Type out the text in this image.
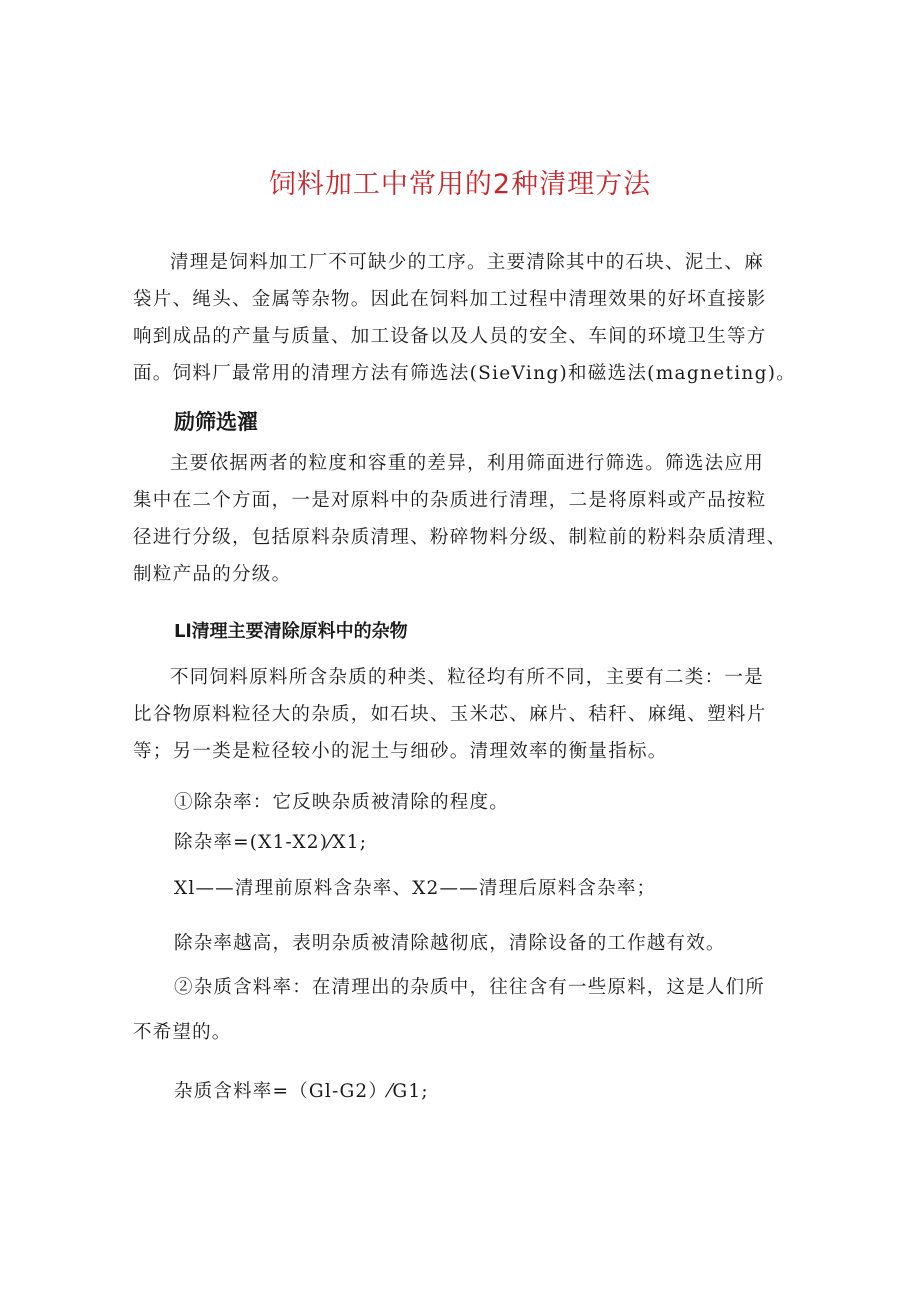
饲料加工中常用的2种清理方法
清理是饲料加工厂不可缺少的工序。主要清除其中的石块、泥土、麻
袋片、绳头、金属等杂物。因此在饲料加工过程中清理效果的好坏直接影
响到成品的产量与质量、加工设备以及人员的安全、车间的环境卫生等方
面。饲料厂最常用的清理方法有筛选法(SieVing)和磁选法(magneting)。
励筛选濯
主要依据两者的粒度和容重的差异，利用筛面进行筛选。筛选法应用
集中在二个方面，一是对原料中的杂质进行清理，二是将原料或产品按粒
径进行分级，包括原料杂质清理、粉碎物料分级、制粒前的粉料杂质清理、
制粒产品的分级。
Ll清理主要清除原料中的杂物
不同饲料原料所含杂质的种类、粒径均有所不同，主要有二类：一是
比谷物原料粒径大的杂质，如石块、玉米芯、麻片、秸秆、麻绳、塑料片
等；另一类是粒径较小的泥土与细砂。清理效率的衡量指标。
①除杂率：它反映杂质被清除的程度。
除杂率=(X1-X2)⁄X1;
Xl——清理前原料含杂率、X2——清理后原料含杂率；
除杂率越高，表明杂质被清除越彻底，清除设备的工作越有效。
②杂质含料率：在清理出的杂质中，往往含有一些原料，这是人们所
不希望的。
杂质含料率=（Gl-G2）⁄G1;
